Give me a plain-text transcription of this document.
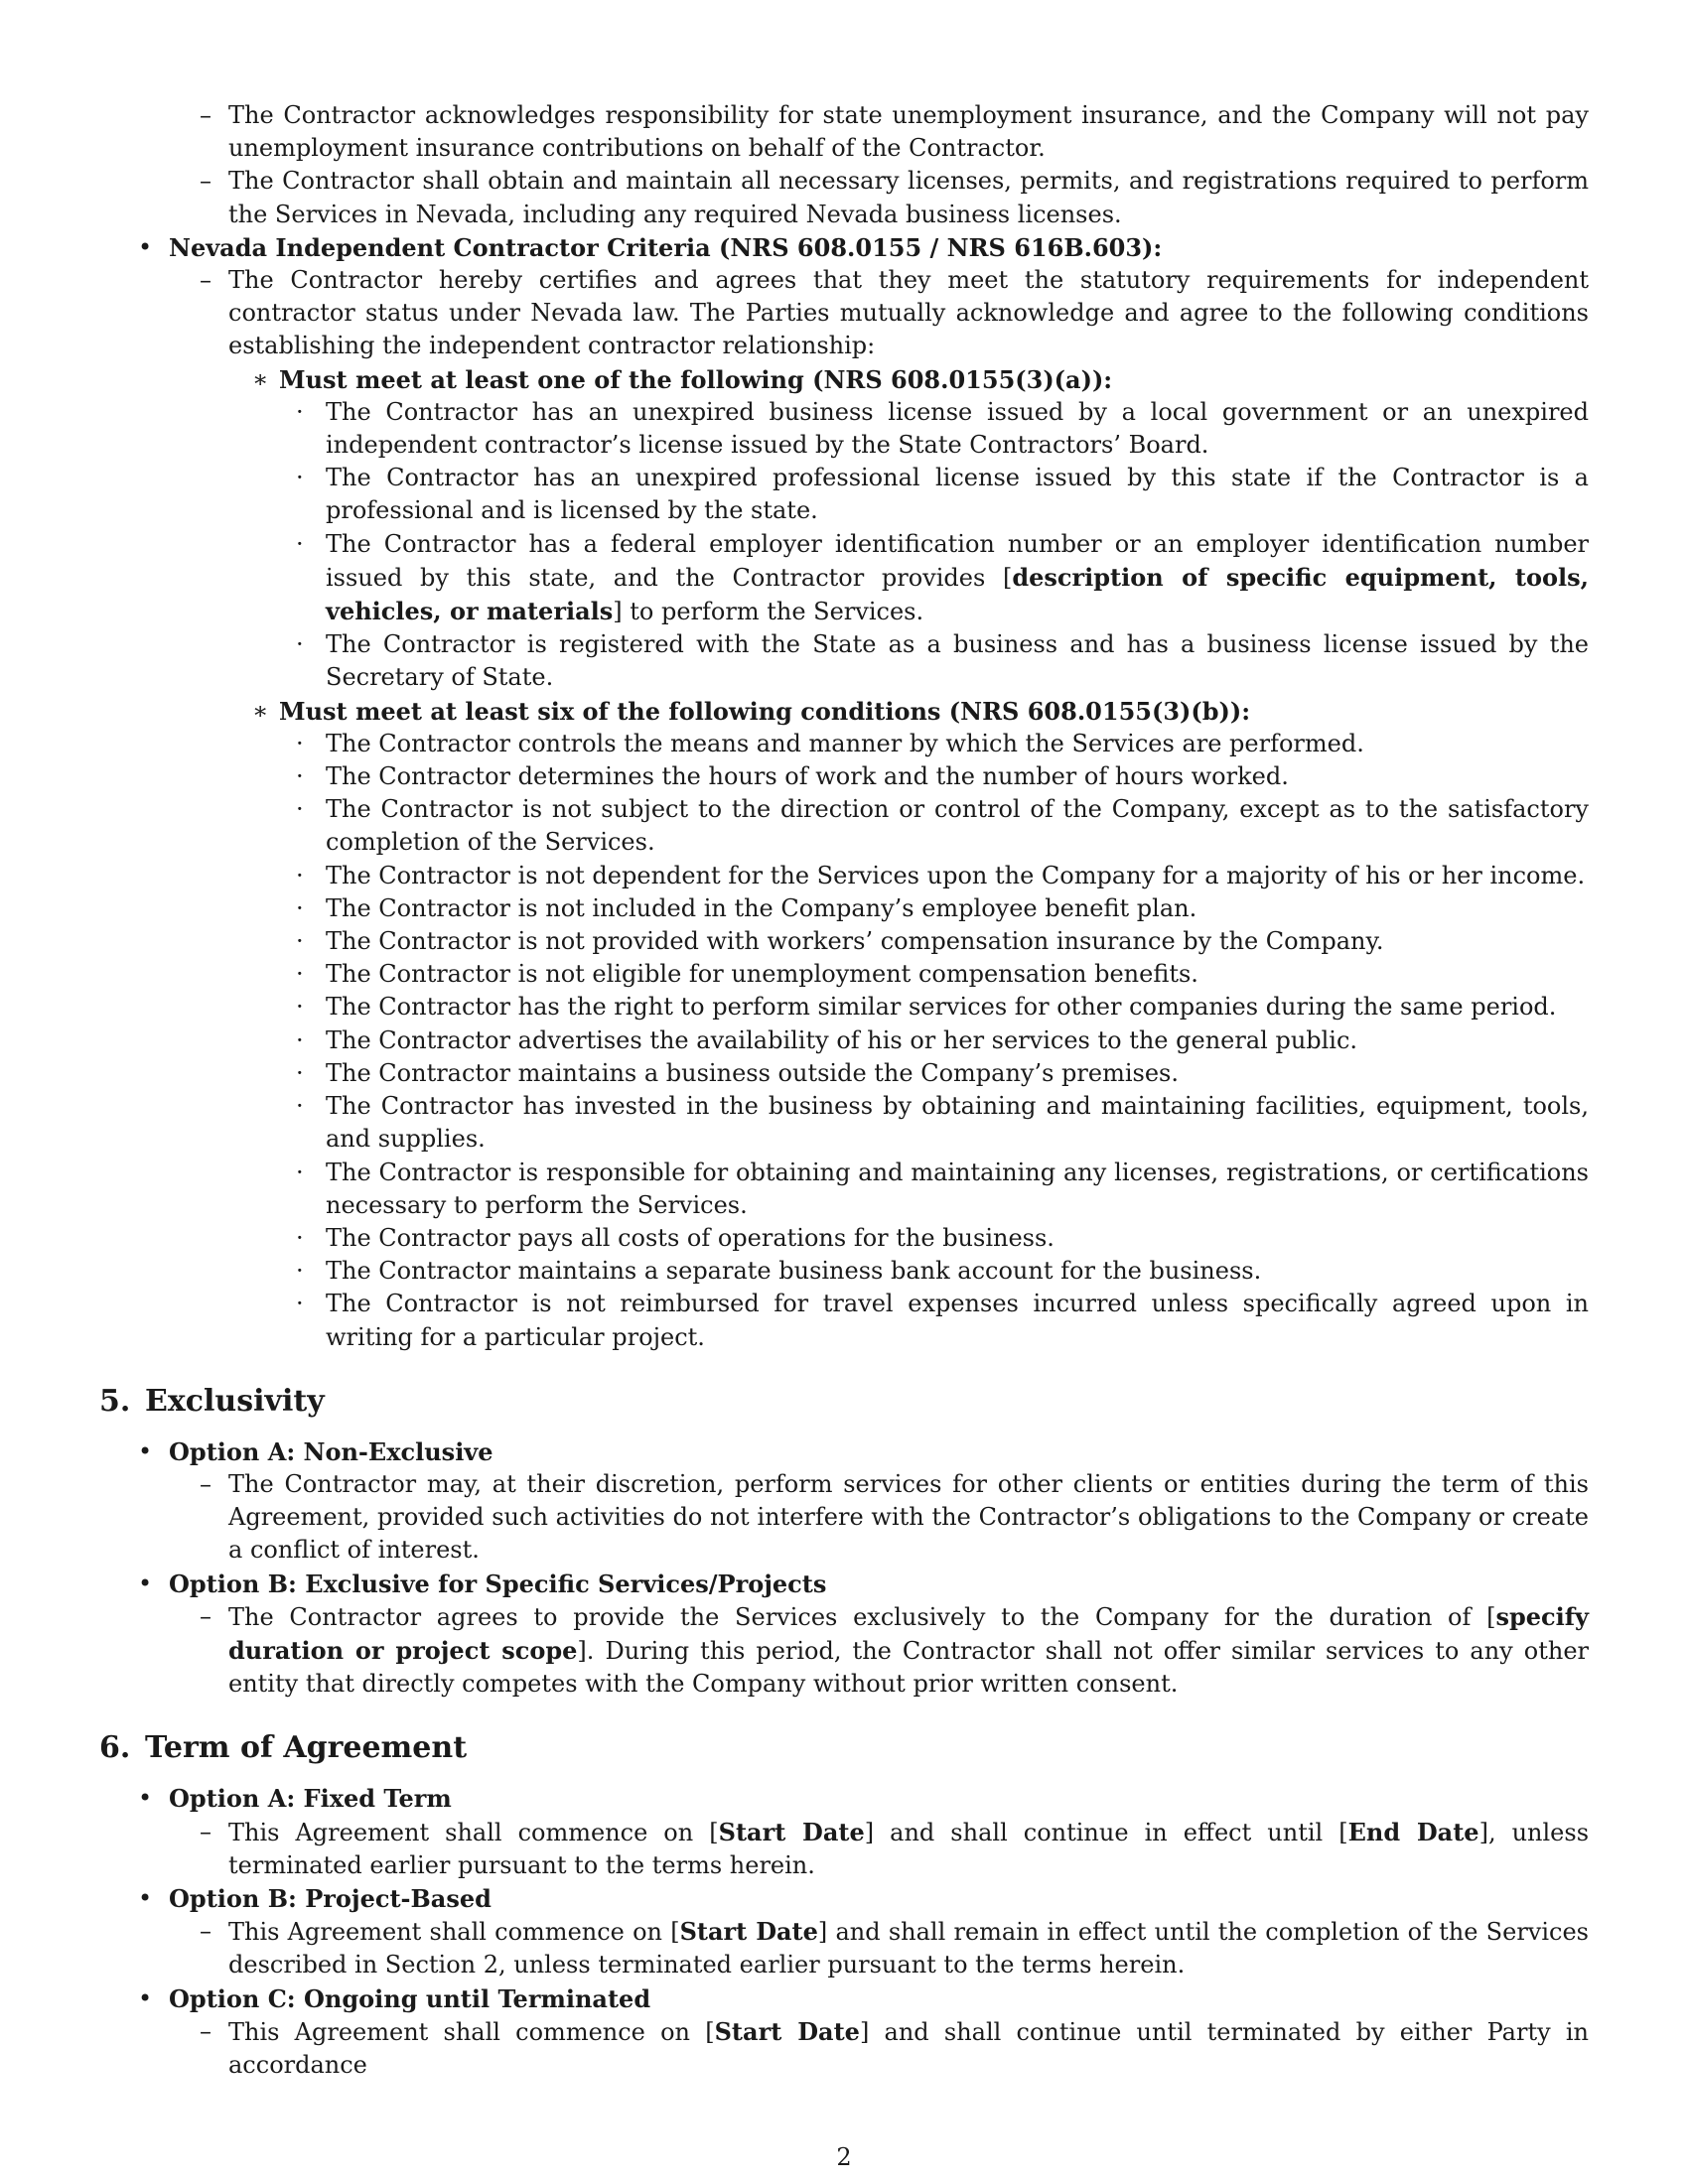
– The Contractor acknowledges responsibility for state unemployment insurance, and the Company will not pay unemployment insurance contributions on behalf of the Contractor.
– The Contractor shall obtain and maintain all necessary licenses, permits, and registrations required to perform the Services in Nevada, including any required Nevada business licenses.
• Nevada Independent Contractor Criteria (NRS 608.0155 / NRS 616B.603):
– The Contractor hereby certifies and agrees that they meet the statutory requirements for independent contractor status under Nevada law. The Parties mutually acknowledge and agree to the following conditions establishing the independent contractor relationship:
∗ Must meet at least one of the following (NRS 608.0155(3)(a)):
· The Contractor has an unexpired business license issued by a local government or an unexpired independent contractor’s license issued by the State Contractors’ Board.
· The Contractor has an unexpired professional license issued by this state if the Contractor is a professional and is licensed by the state.
· The Contractor has a federal employer identification number or an employer identification number issued by this state, and the Contractor provides [description of specific equipment, tools, vehicles, or materials] to perform the Services.
· The Contractor is registered with the State as a business and has a business license issued by the Secretary of State.
∗ Must meet at least six of the following conditions (NRS 608.0155(3)(b)):
· The Contractor controls the means and manner by which the Services are performed.
· The Contractor determines the hours of work and the number of hours worked.
· The Contractor is not subject to the direction or control of the Company, except as to the satisfactory completion of the Services.
· The Contractor is not dependent for the Services upon the Company for a majority of his or her income.
· The Contractor is not included in the Company’s employee benefit plan.
· The Contractor is not provided with workers’ compensation insurance by the Company.
· The Contractor is not eligible for unemployment compensation benefits.
· The Contractor has the right to perform similar services for other companies during the same period.
· The Contractor advertises the availability of his or her services to the general public.
· The Contractor maintains a business outside the Company’s premises.
· The Contractor has invested in the business by obtaining and maintaining facilities, equipment, tools, and supplies.
· The Contractor is responsible for obtaining and maintaining any licenses, registrations, or certifications necessary to perform the Services.
· The Contractor pays all costs of operations for the business.
· The Contractor maintains a separate business bank account for the business.
· The Contractor is not reimbursed for travel expenses incurred unless specifically agreed upon in writing for a particular project.
5. Exclusivity
• Option A: Non-Exclusive
– The Contractor may, at their discretion, perform services for other clients or entities during the term of this Agreement, provided such activities do not interfere with the Contractor’s obligations to the Company or create a conflict of interest.
• Option B: Exclusive for Specific Services/Projects
– The Contractor agrees to provide the Services exclusively to the Company for the duration of [specify duration or project scope]. During this period, the Contractor shall not offer similar services to any other entity that directly competes with the Company without prior written consent.
6. Term of Agreement
• Option A: Fixed Term
– This Agreement shall commence on [Start Date] and shall continue in effect until [End Date], unless terminated earlier pursuant to the terms herein.
• Option B: Project-Based
– This Agreement shall commence on [Start Date] and shall remain in effect until the completion of the Services described in Section 2, unless terminated earlier pursuant to the terms herein.
• Option C: Ongoing until Terminated
– This Agreement shall commence on [Start Date] and shall continue until terminated by either Party in accordance
2
